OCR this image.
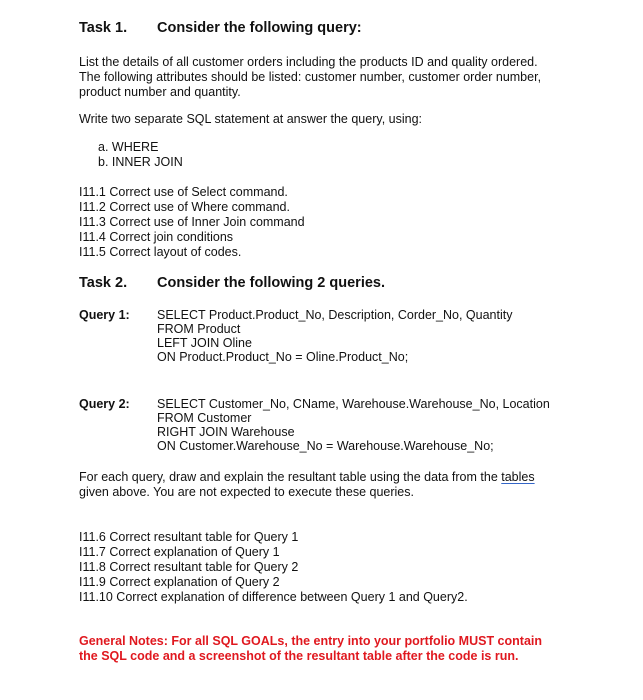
Task 1. Consider the following query:
List the details of all customer orders including the products ID and quality ordered.
The following attributes should be listed: customer number, customer order number,
product number and quantity.
Write two separate SQL statement at answer the query, using:
a. WHERE
b. INNER JOIN
I11.1 Correct use of Select command.
I11.2 Correct use of Where command.
I11.3 Correct use of Inner Join command
I11.4 Correct join conditions
I11.5 Correct layout of codes.
Task 2. Consider the following 2 queries.
Query 1: SELECT Product.Product_No, Description, Corder_No, Quantity
FROM Product
LEFT JOIN Oline
ON Product.Product_No = Oline.Product_No;
Query 2: SELECT Customer_No, CName, Warehouse.Warehouse_No, Location
FROM Customer
RIGHT JOIN Warehouse
ON Customer.Warehouse_No = Warehouse.Warehouse_No;
For each query, draw and explain the resultant table using the data from the tables
given above. You are not expected to execute these queries.
I11.6 Correct resultant table for Query 1
I11.7 Correct explanation of Query 1
I11.8 Correct resultant table for Query 2
I11.9 Correct explanation of Query 2
I11.10 Correct explanation of difference between Query 1 and Query2.
General Notes: For all SQL GOALs, the entry into your portfolio MUST contain
the SQL code and a screenshot of the resultant table after the code is run.
